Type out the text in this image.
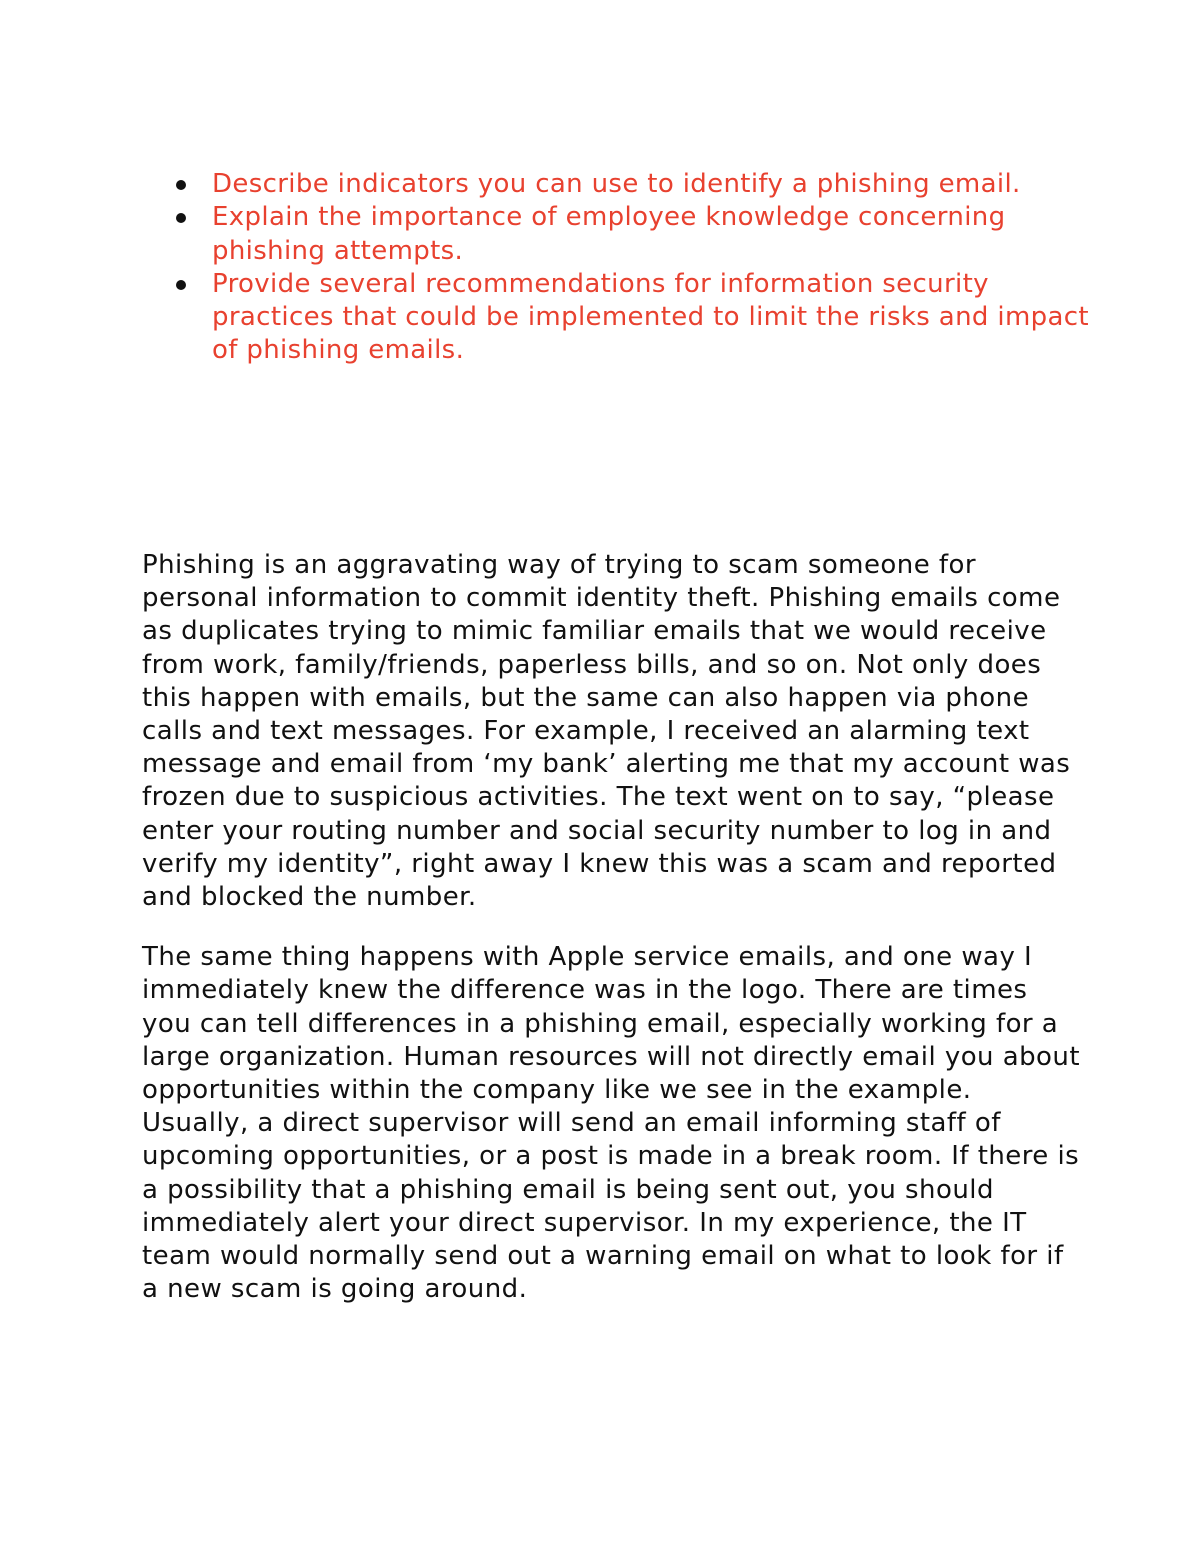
Describe indicators you can use to identify a phishing email.
Explain the importance of employee knowledge concerning phishing attempts.
Provide several recommendations for information security practices that could be implemented to limit the risks and impact of phishing emails.

Phishing is an aggravating way of trying to scam someone for personal information to commit identity theft. Phishing emails come as duplicates trying to mimic familiar emails that we would receive from work, family/friends, paperless bills, and so on. Not only does this happen with emails, but the same can also happen via phone calls and text messages. For example, I received an alarming text message and email from ‘my bank’ alerting me that my account was frozen due to suspicious activities. The text went on to say, “please enter your routing number and social security number to log in and verify my identity”, right away I knew this was a scam and reported and blocked the number.

The same thing happens with Apple service emails, and one way I immediately knew the difference was in the logo. There are times you can tell differences in a phishing email, especially working for a large organization. Human resources will not directly email you about opportunities within the company like we see in the example. Usually, a direct supervisor will send an email informing staff of upcoming opportunities, or a post is made in a break room. If there is a possibility that a phishing email is being sent out, you should immediately alert your direct supervisor. In my experience, the IT team would normally send out a warning email on what to look for if a new scam is going around.
